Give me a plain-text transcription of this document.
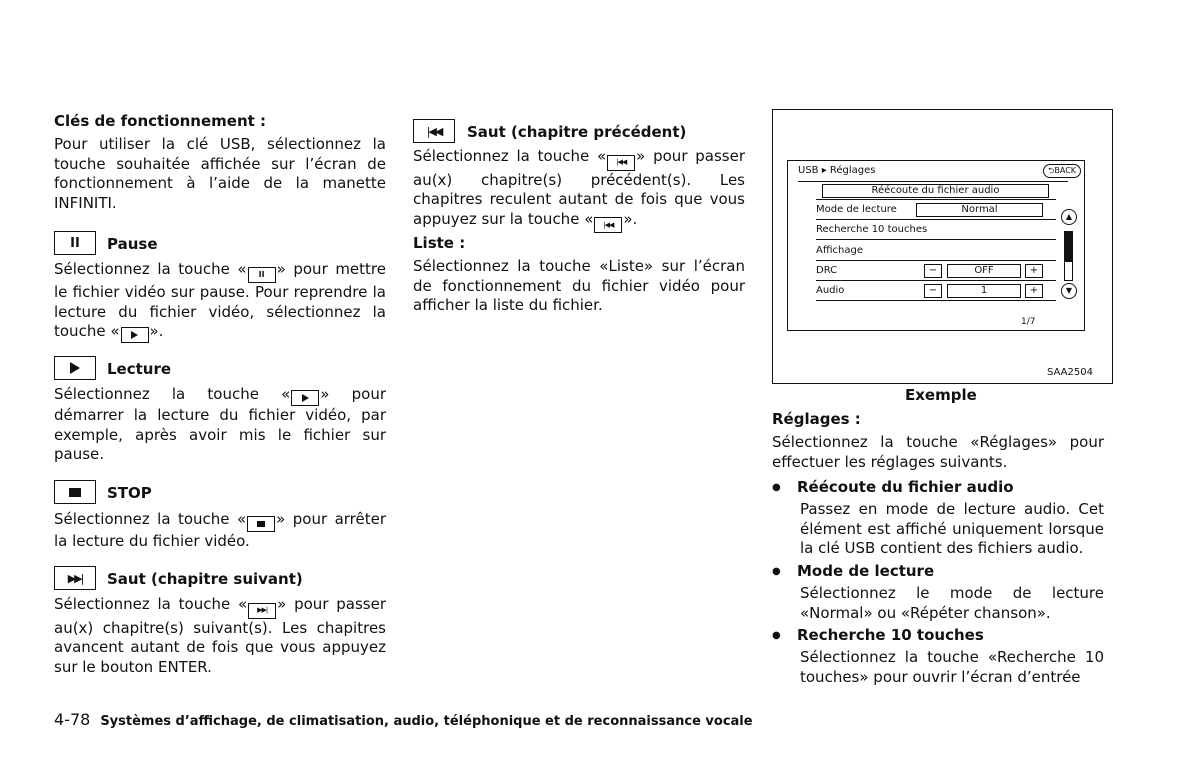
Clés de fonctionnement :

Pour utiliser la clé USB, sélectionnez la touche souhaitée affichée sur l’écran de fonctionnement à l’aide de la manette INFINITI.

II Pause

Sélectionnez la touche « II » pour mettre le fichier vidéo sur pause. Pour reprendre la lecture du fichier vidéo, sélectionnez la touche « ».

Lecture

Sélectionnez la touche « » pour démarrer la lecture du fichier vidéo, par exemple, après avoir mis le fichier sur pause.

STOP

Sélectionnez la touche « » pour arrêter la lecture du fichier vidéo.

▶▶| Saut (chapitre suivant)

Sélectionnez la touche « ▶▶| » pour passer au(x) chapitre(s) suivant(s). Les chapitres avancent autant de fois que vous appuyez sur le bouton ENTER.

|◀◀ Saut (chapitre précédent)

Sélectionnez la touche « |◀◀ » pour passer au(x) chapitre(s) précédent(s). Les chapitres reculent autant de fois que vous appuyez sur la touche « |◀◀ ».

Liste :

Sélectionnez la touche «Liste» sur l’écran de fonctionnement du fichier vidéo pour afficher la liste du fichier.

USB ▸ Réglages	⮌BACK
Réécoute du fichier audio
Mode de lecture	Normal
Recherche 10 touches
Affichage
DRC	−	OFF	+
Audio	−	1	+
1/7
▲
▼
SAA2504
Exemple
Réglages :

Sélectionnez la touche «Réglages» pour effectuer les réglages suivants.

● Réécoute du fichier audio

Passez en mode de lecture audio. Cet élément est affiché uniquement lorsque la clé USB contient des fichiers audio.

● Mode de lecture

Sélectionnez le mode de lecture «Normal» ou «Répéter chanson».

● Recherche 10 touches

Sélectionnez la touche «Recherche 10 touches» pour ouvrir l’écran d’entrée

4-78 Systèmes d’affichage, de climatisation, audio, téléphonique et de reconnaissance vocale
